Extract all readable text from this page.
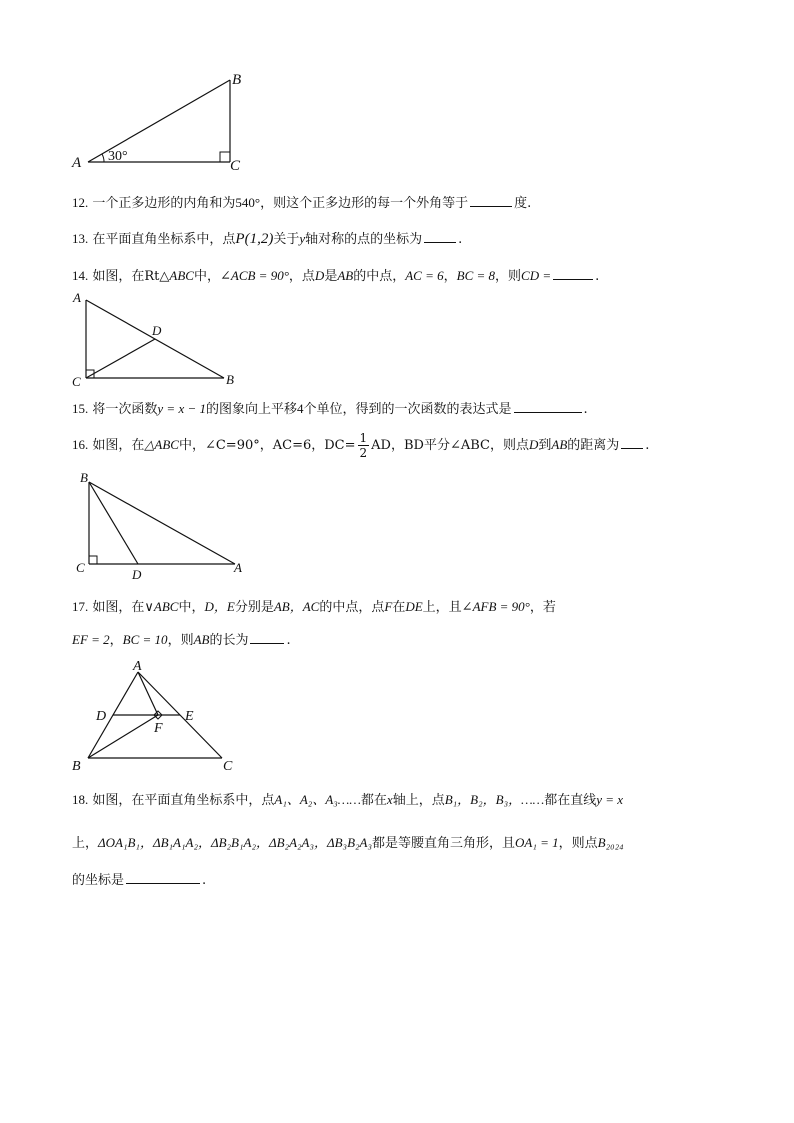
A
B
C
30°
12. 一个正多边形的内角和为540°，则这个正多边形的每一个外角等于	度.
13. 在平面直角坐标系中，点P(1,2)关于y轴对称的点的坐标为	.
14. 如图，在Rt△ABC中，∠ACB = 90°，点D是AB的中点，AC = 6，BC = 8，则CD =	.
A
C	B
D
15. 将一次函数y = x − 1的图象向上平移4个单位，得到的一次函数的表达式是	.
16. 如图，在△ABC中，∠C=90°，AC=6，$DC= \frac{1}{2}$ AD，BD平分∠ABC，则点D到AB的距离为 .
B
C	D	A
17. 如图，在∨ABC中，D，E分别是AB，AC的中点，点F在DE上，且∠AFB = 90°，若
EF = 2，BC = 10，则AB的长为	.
A
D	E
F
B	C
18. 如图，在平面直角坐标系中，点A₁、A₂、A₃……都在x轴上，点B₁，B₂，B₃，……都在直线y = x
上，ΔOA₁B₁，ΔB₁A₁A₂，ΔB₂B₁A₂，ΔB₂A₂A₃，ΔB₃B₂A₃都是等腰直角三角形，且OA₁ = 1，则点B₂₀₂₄
的坐标是	.
